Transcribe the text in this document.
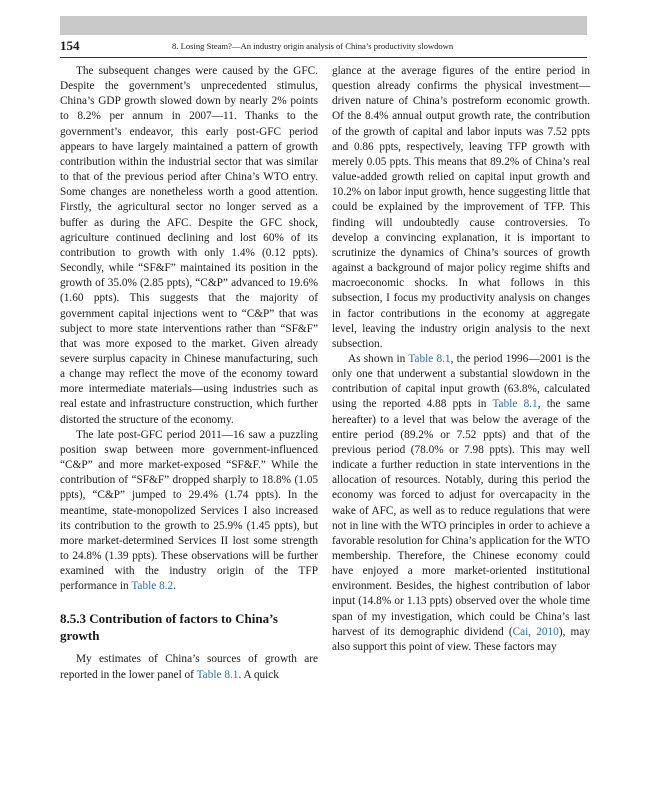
154	8. Losing Steam?—An industry origin analysis of China’s productivity slowdown

The subsequent changes were caused by the GFC. Despite the government’s unprecedented stimulus, China’s GDP growth slowed down by nearly 2% points to 8.2% per annum in 2007—11. Thanks to the government’s endeavor, this early post-GFC period appears to have largely maintained a pattern of growth contribution within the industrial sector that was similar to that of the previous period after China’s WTO entry. Some changes are nonetheless worth a good attention. Firstly, the agricultural sector no longer served as a buffer as during the AFC. Despite the GFC shock, agriculture continued declining and lost 60% of its contribution to growth with only 1.4% (0.12 ppts). Secondly, while “SF&F” maintained its position in the growth of 35.0% (2.85 ppts), “C&P” advanced to 19.6% (1.60 ppts). This suggests that the majority of government capital injections went to “C&P” that was subject to more state interventions rather than “SF&F” that was more exposed to the market. Given already severe surplus capacity in Chinese manufacturing, such a change may reflect the move of the economy toward more intermediate materials—using industries such as real estate and infrastructure construction, which further distorted the structure of the economy.

The late post-GFC period 2011—16 saw a puzzling position swap between more government-influenced “C&P” and more market-exposed “SF&F.” While the contribution of “SF&F” dropped sharply to 18.8% (1.05 ppts), “C&P” jumped to 29.4% (1.74 ppts). In the meantime, state-monopolized Services I also increased its contribution to the growth to 25.9% (1.45 ppts), but more market-determined Services II lost some strength to 24.8% (1.39 ppts). These observations will be further examined with the industry origin of the TFP performance in Table 8.2.

8.5.3 Contribution of factors to China’s growth

My estimates of China’s sources of growth are reported in the lower panel of Table 8.1. A quick

glance at the average figures of the entire period in question already confirms the physical investment—driven nature of China’s postreform economic growth. Of the 8.4% annual output growth rate, the contribution of the growth of capital and labor inputs was 7.52 ppts and 0.86 ppts, respectively, leaving TFP growth with merely 0.05 ppts. This means that 89.2% of China’s real value-added growth relied on capital input growth and 10.2% on labor input growth, hence suggesting little that could be explained by the improvement of TFP. This finding will undoubtedly cause controversies. To develop a convincing explanation, it is important to scrutinize the dynamics of China’s sources of growth against a background of major policy regime shifts and macroeconomic shocks. In what follows in this subsection, I focus my productivity analysis on changes in factor contributions in the economy at aggregate level, leaving the industry origin analysis to the next subsection.

As shown in Table 8.1, the period 1996—2001 is the only one that underwent a substantial slowdown in the contribution of capital input growth (63.8%, calculated using the reported 4.88 ppts in Table 8.1, the same hereafter) to a level that was below the average of the entire period (89.2% or 7.52 ppts) and that of the previous period (78.0% or 7.98 ppts). This may well indicate a further reduction in state interventions in the allocation of resources. Notably, during this period the economy was forced to adjust for overcapacity in the wake of AFC, as well as to reduce regulations that were not in line with the WTO principles in order to achieve a favorable resolution for China’s application for the WTO membership. Therefore, the Chinese economy could have enjoyed a more market-oriented institutional environment. Besides, the highest contribution of labor input (14.8% or 1.13 ppts) observed over the whole time span of my investigation, which could be China’s last harvest of its demographic dividend (Cai, 2010), may also support this point of view. These factors may
